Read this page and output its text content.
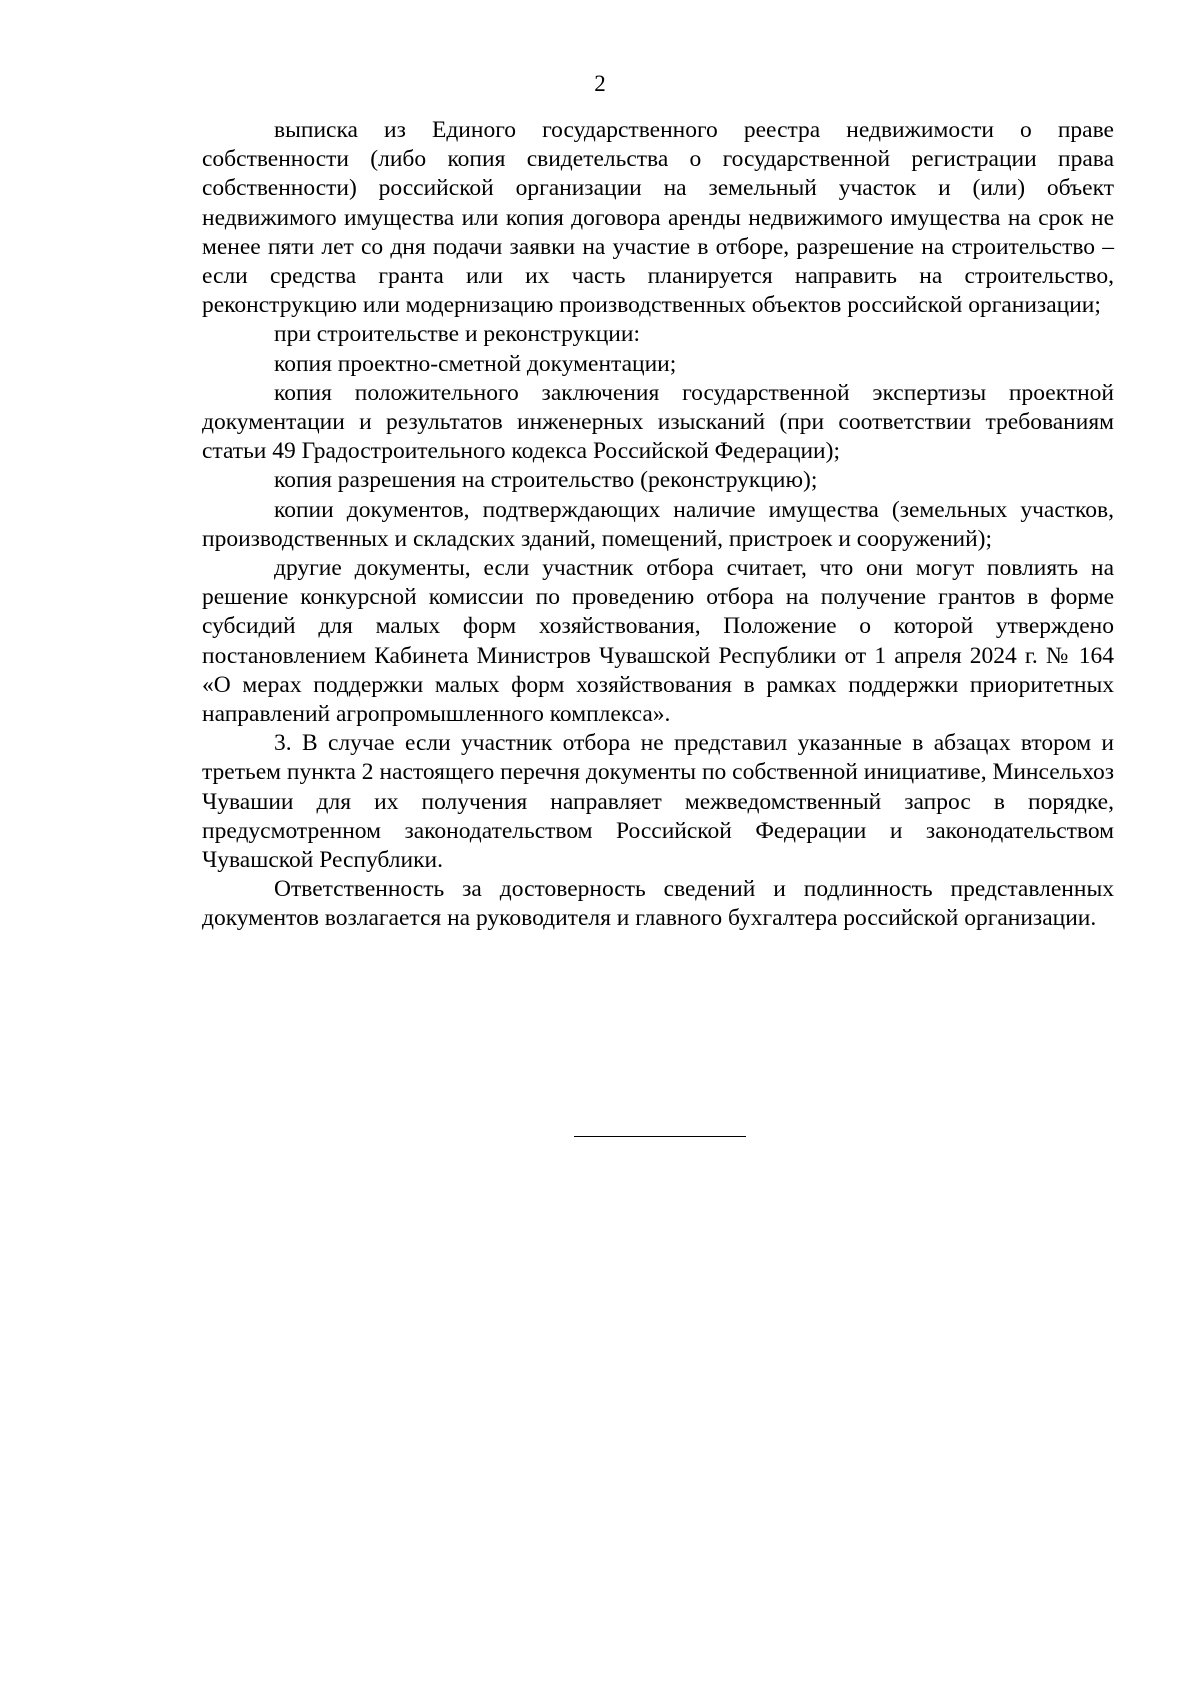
2

выписка из Единого государственного реестра недвижимости о праве собственности (либо копия свидетельства о государственной регистрации права собственности) российской организации на земельный участок и (или) объект недвижимого имущества или копия договора аренды недвижимого имущества на срок не менее пяти лет со дня подачи заявки на участие в отборе, разрешение на строительство – если средства гранта или их часть планируется направить на строительство, реконструкцию или модернизацию производственных объектов российской организации;

при строительстве и реконструкции:

копия проектно-сметной документации;

копия положительного заключения государственной экспертизы проектной документации и результатов инженерных изысканий (при соответствии требованиям статьи 49 Градостроительного кодекса Российской Федерации);

копия разрешения на строительство (реконструкцию);

копии документов, подтверждающих наличие имущества (земельных участков, производственных и складских зданий, помещений, пристроек и сооружений);

другие документы, если участник отбора считает, что они могут повлиять на решение конкурсной комиссии по проведению отбора на получение грантов в форме субсидий для малых форм хозяйствования, Положение о которой утверждено постановлением Кабинета Министров Чувашской Республики от 1 апреля 2024 г. № 164 «О мерах поддержки малых форм хозяйствования в рамках поддержки приоритетных направлений агропромышленного комплекса».

3. В случае если участник отбора не представил указанные в абзацах втором и третьем пункта 2 настоящего перечня документы по собственной инициативе, Минсельхоз Чувашии для их получения направляет межведомственный запрос в порядке, предусмотренном законодательством Российской Федерации и законодательством Чувашской Республики.

Ответственность за достоверность сведений и подлинность представленных документов возлагается на руководителя и главного бухгалтера российской организации.
